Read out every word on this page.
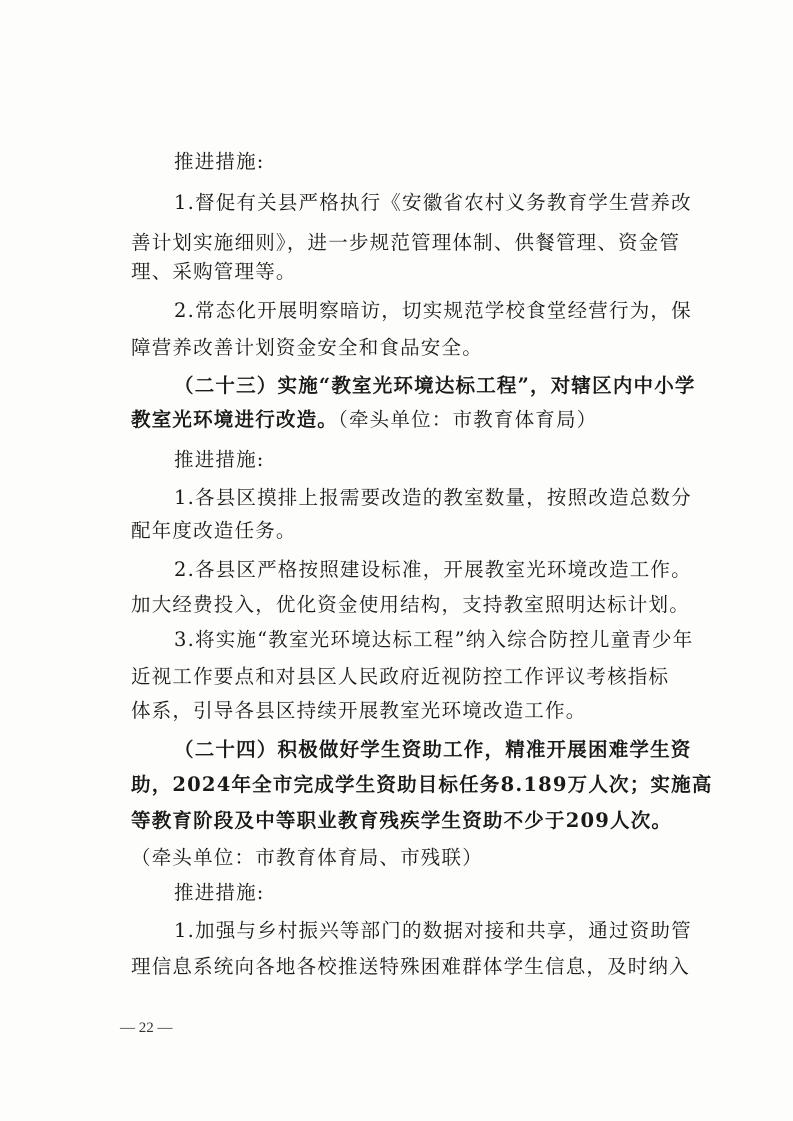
推进措施:
1.督促有关县严格执行《安徽省农村义务教育学生营养改
善计划实施细则》，进一步规范管理体制、供餐管理、资金管
理、采购管理等。
2.常态化开展明察暗访，切实规范学校食堂经营行为，保
障营养改善计划资金安全和食品安全。
（二十三）实施“教室光环境达标工程”，对辖区内中小学
教室光环境进行改造。（牵头单位：市教育体育局）
推进措施:
1.各县区摸排上报需要改造的教室数量，按照改造总数分
配年度改造任务。
2.各县区严格按照建设标准，开展教室光环境改造工作。
加大经费投入，优化资金使用结构，支持教室照明达标计划。
3.将实施“教室光环境达标工程”纳入综合防控儿童青少年
近视工作要点和对县区人民政府近视防控工作评议考核指标
体系，引导各县区持续开展教室光环境改造工作。
（二十四）积极做好学生资助工作，精准开展困难学生资
助，2024年全市完成学生资助目标任务8.189万人次；实施高
等教育阶段及中等职业教育残疾学生资助不少于209人次。
（牵头单位：市教育体育局、市残联）
推进措施:
1.加强与乡村振兴等部门的数据对接和共享，通过资助管
理信息系统向各地各校推送特殊困难群体学生信息，及时纳入
— 22 —
